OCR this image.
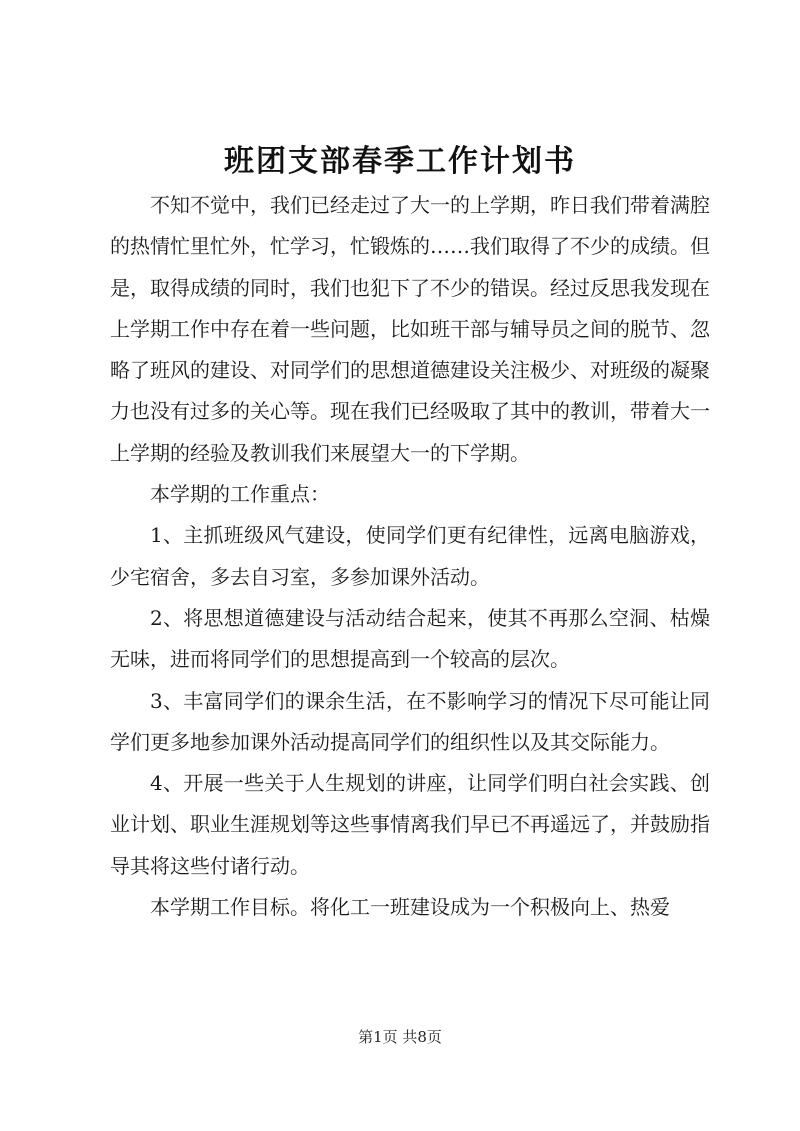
班团支部春季工作计划书

不知不觉中，我们已经走过了大一的上学期，昨日我们带着满腔的热情忙里忙外，忙学习，忙锻炼的……我们取得了不少的成绩。但是，取得成绩的同时，我们也犯下了不少的错误。经过反思我发现在上学期工作中存在着一些问题，比如班干部与辅导员之间的脱节、忽略了班风的建设、对同学们的思想道德建设关注极少、对班级的凝聚力也没有过多的关心等。现在我们已经吸取了其中的教训，带着大一上学期的经验及教训我们来展望大一的下学期。

本学期的工作重点：

1、主抓班级风气建设，使同学们更有纪律性，远离电脑游戏，少宅宿舍，多去自习室，多参加课外活动。

2、将思想道德建设与活动结合起来，使其不再那么空洞、枯燥无味，进而将同学们的思想提高到一个较高的层次。

3、丰富同学们的课余生活，在不影响学习的情况下尽可能让同学们更多地参加课外活动提高同学们的组织性以及其交际能力。

4、开展一些关于人生规划的讲座，让同学们明白社会实践、创业计划、职业生涯规划等这些事情离我们早已不再遥远了，并鼓励指导其将这些付诸行动。

本学期工作目标。将化工一班建设成为一个积极向上、热爱

第1页 共8页
